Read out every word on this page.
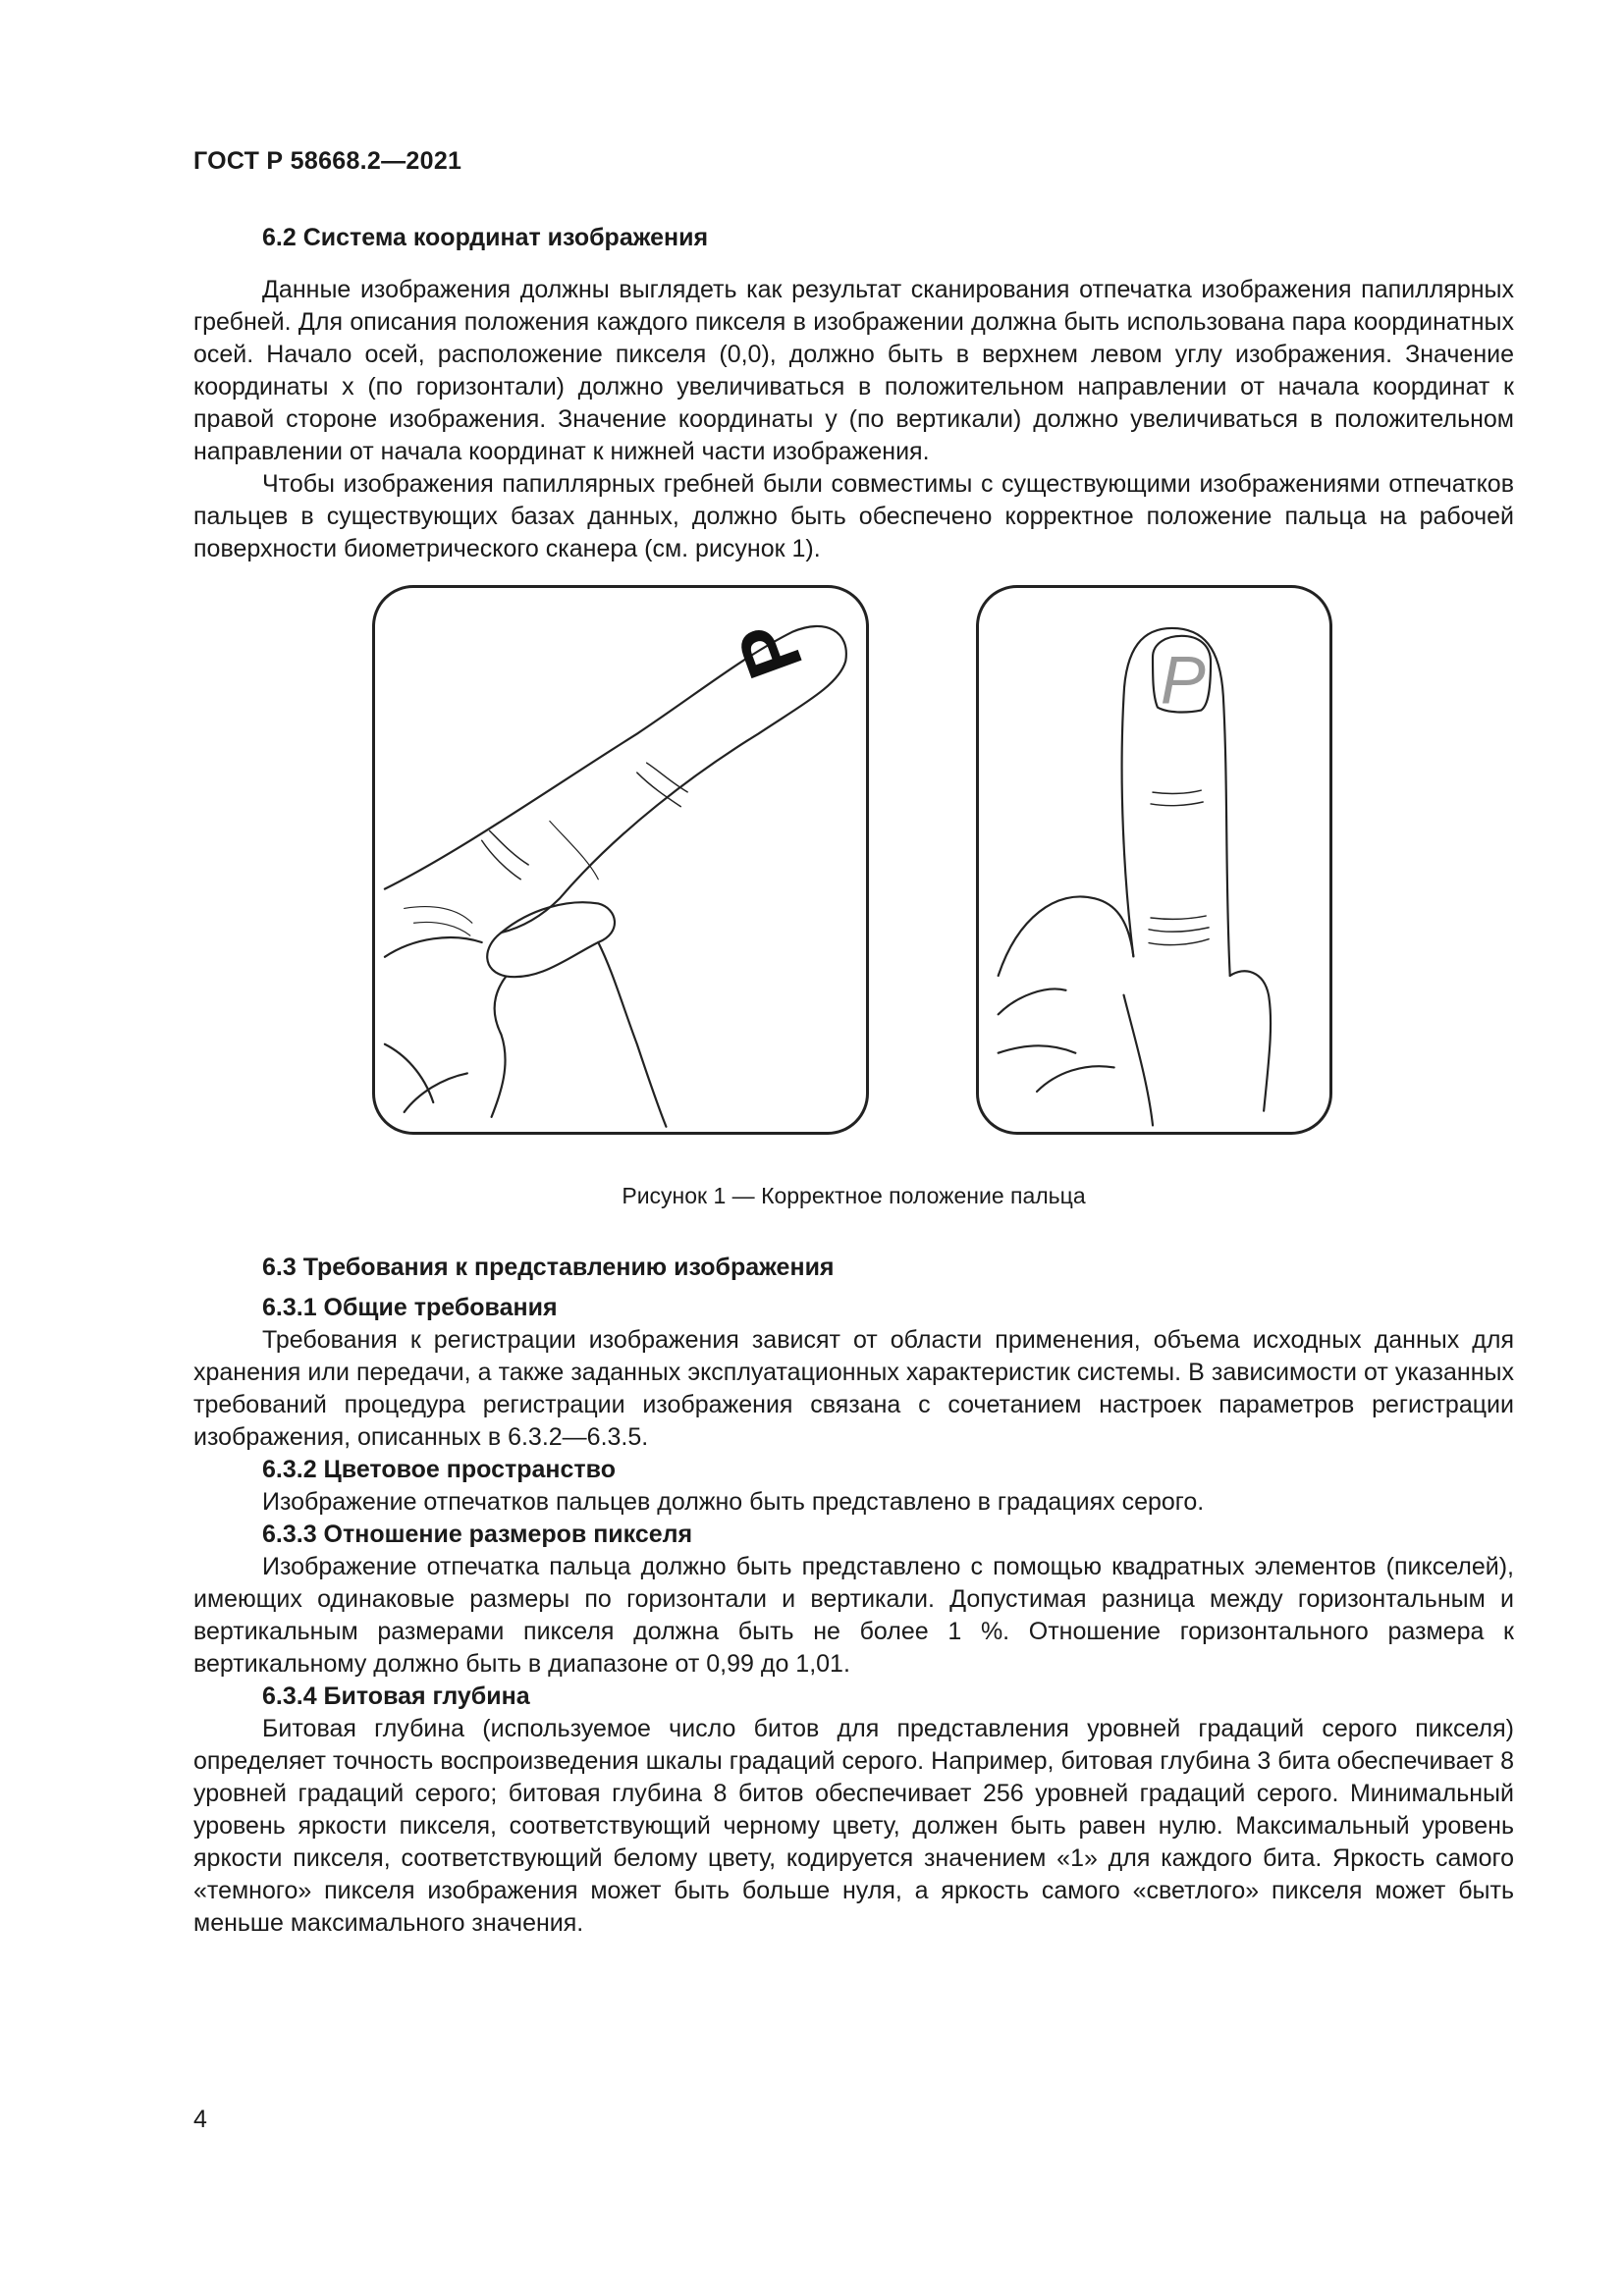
ГОСТ Р 58668.2—2021
6.2 Система координат изображения

Данные изображения должны выглядеть как результат сканирования отпечатка изображения папиллярных гребней. Для описания положения каждого пикселя в изображении должна быть использована пара координатных осей. Начало осей, расположение пикселя (0,0), должно быть в верхнем левом углу изображения. Значение координаты x (по горизонтали) должно увеличиваться в положительном направлении от начала координат к правой стороне изображения. Значение координаты y (по вертикали) должно увеличиваться в положительном направлении от начала координат к нижней части изображения.

Чтобы изображения папиллярных гребней были совместимы с существующими изображениями отпечатков пальцев в существующих базах данных, должно быть обеспечено корректное положение пальца на рабочей поверхности биометрического сканера (см. рисунок 1).

P	P

Рисунок 1 — Корректное положение пальца

6.3 Требования к представлению изображения
6.3.1 Общие требования

Требования к регистрации изображения зависят от области применения, объема исходных данных для хранения или передачи, а также заданных эксплуатационных характеристик системы. В зависимости от указанных требований процедура регистрации изображения связана с сочетанием настроек параметров регистрации изображения, описанных в 6.3.2—6.3.5.

6.3.2 Цветовое пространство

Изображение отпечатков пальцев должно быть представлено в градациях серого.

6.3.3 Отношение размеров пикселя

Изображение отпечатка пальца должно быть представлено с помощью квадратных элементов (пикселей), имеющих одинаковые размеры по горизонтали и вертикали. Допустимая разница между горизонтальным и вертикальным размерами пикселя должна быть не более 1 %. Отношение горизонтального размера к вертикальному должно быть в диапазоне от 0,99 до 1,01.

6.3.4 Битовая глубина

Битовая глубина (используемое число битов для представления уровней градаций серого пикселя) определяет точность воспроизведения шкалы градаций серого. Например, битовая глубина 3 бита обеспечивает 8 уровней градаций серого; битовая глубина 8 битов обеспечивает 256 уровней градаций серого. Минимальный уровень яркости пикселя, соответствующий черному цвету, должен быть равен нулю. Максимальный уровень яркости пикселя, соответствующий белому цвету, кодируется значением «1» для каждого бита. Яркость самого «темного» пикселя изображения может быть больше нуля, а яркость самого «светлого» пикселя может быть меньше максимального значения.

4
